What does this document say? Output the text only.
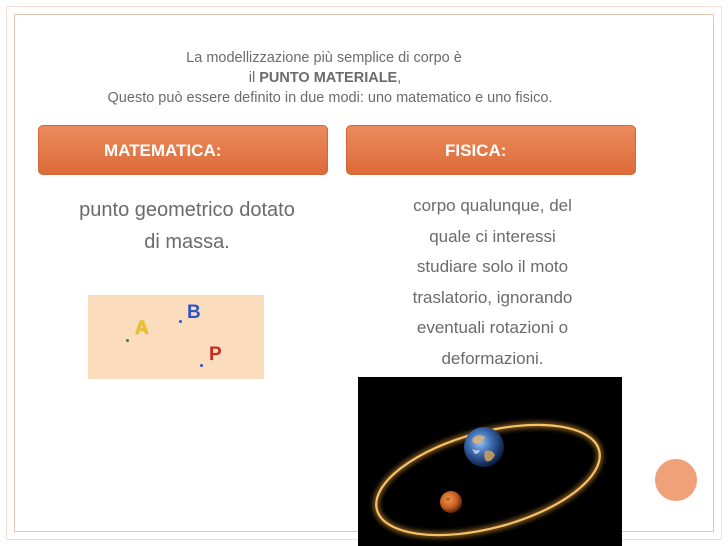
La modellizzazione più semplice di corpo è
il PUNTO MATERIALE,
Questo può essere definito in due modi: uno matematico e uno fisico.
MATEMATICA:	FISICA:
punto geometrico dotato
di massa.
A
B
P
corpo qualunque, del
quale ci interessi
studiare solo il moto
traslatorio, ignorando
eventuali rotazioni o
deformazioni.
